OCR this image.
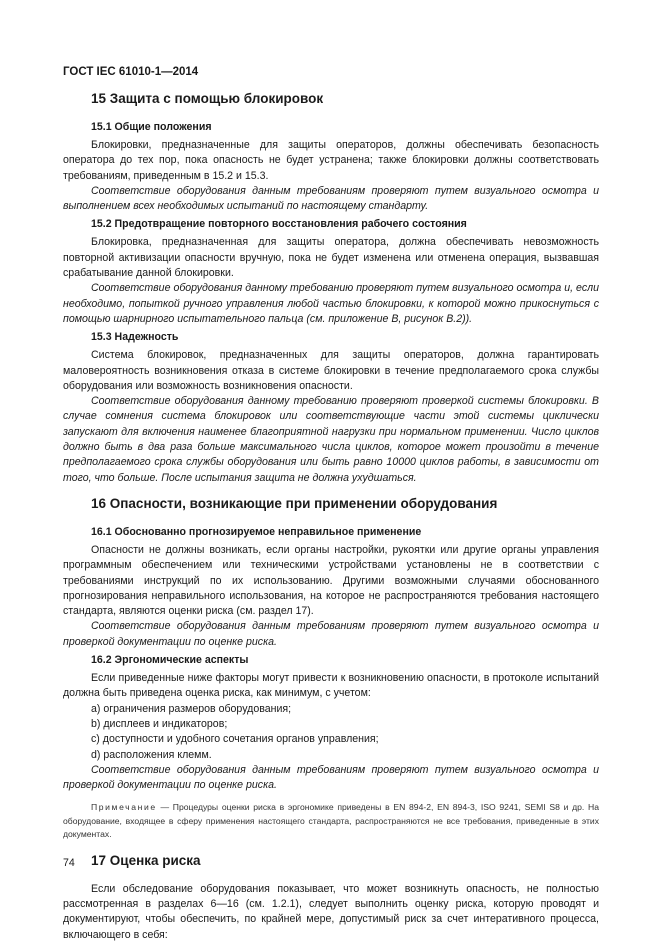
ГОСТ IEC 61010-1—2014

15 Защита с помощью блокировок
15.1 Общие положения

Блокировки, предназначенные для защиты операторов, должны обеспечивать безопасность оператора до тех пор, пока опасность не будет устранена; также блокировки должны соответствовать требованиям, приведенным в 15.2 и 15.3.

Соответствие оборудования данным требованиям проверяют путем визуального осмотра и выполнением всех необходимых испытаний по настоящему стандарту.

15.2 Предотвращение повторного восстановления рабочего состояния

Блокировка, предназначенная для защиты оператора, должна обеспечивать невозможность повторной активизации опасности вручную, пока не будет изменена или отменена операция, вызвавшая срабатывание данной блокировки.

Соответствие оборудования данному требованию проверяют путем визуального осмотра и, если необходимо, попыткой ручного управления любой частью блокировки, к которой можно прикоснуться с помощью шарнирного испытательного пальца (см. приложение В, рисунок В.2)).

15.3 Надежность

Система блокировок, предназначенных для защиты операторов, должна гарантировать маловероятность возникновения отказа в системе блокировки в течение предполагаемого срока службы оборудования или возможность возникновения опасности.

Соответствие оборудования данному требованию проверяют проверкой системы блокировки. В случае сомнения система блокировок или соответствующие части этой системы циклически запускают для включения наименее благоприятной нагрузки при нормальном применении. Число циклов должно быть в два раза больше максимального числа циклов, которое может произойти в течение предполагаемого срока службы оборудования или быть равно 10000 циклов работы, в зависимости от того, что больше. После испытания защита не должна ухудшаться.

16 Опасности, возникающие при применении оборудования
16.1 Обоснованно прогнозируемое неправильное применение

Опасности не должны возникать, если органы настройки, рукоятки или другие органы управления программным обеспечением или техническими устройствами установлены не в соответствии с требованиями инструкций по их использованию. Другими возможными случаями обоснованного прогнозирования неправильного использования, на которое не распространяются требования настоящего стандарта, являются оценки риска (см. раздел 17).

Соответствие оборудования данным требованиям проверяют путем визуального осмотра и проверкой документации по оценке риска.

16.2 Эргономические аспекты

Если приведенные ниже факторы могут привести к возникновению опасности, в протоколе испытаний должна быть приведена оценка риска, как минимум, с учетом:

a) ограничения размеров оборудования;

b) дисплеев и индикаторов;

c) доступности и удобного сочетания органов управления;

d) расположения клемм.

Соответствие оборудования данным требованиям проверяют путем визуального осмотра и проверкой документации по оценке риска.

Примечание — Процедуры оценки риска в эргономике приведены в EN 894-2, EN 894-3, ISO 9241, SEMI S8 и др. На оборудование, входящее в сферу применения настоящего стандарта, распространяются не все требования, приведенные в этих документах.

17 Оценка риска

Если обследование оборудования показывает, что может возникнуть опасность, не полностью рассмотренная в разделах 6—16 (см. 1.2.1), следует выполнить оценку риска, которую проводят и документируют, чтобы обеспечить, по крайней мере, допустимый риск за счет интеративного процесса, включающего в себя:

74
